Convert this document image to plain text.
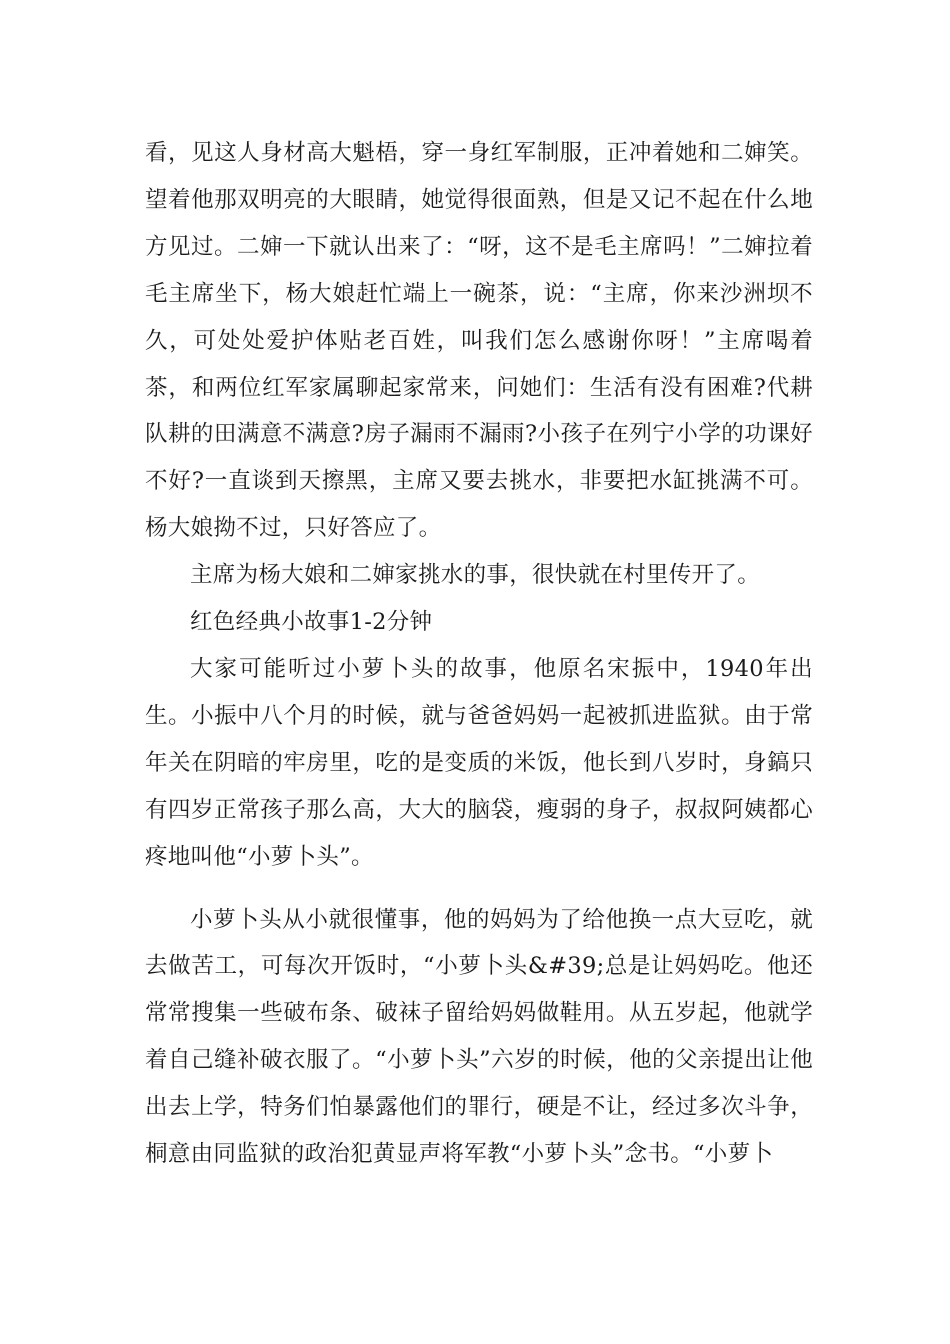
看，见这人身材高大魁梧，穿一身红军制服，正冲着她和二婶笑。望着他那双明亮的大眼睛，她觉得很面熟，但是又记不起在什么地方见过。二婶一下就认出来了：“呀，这不是毛主席吗！”二婶拉着毛主席坐下，杨大娘赶忙端上一碗茶，说：“主席，你来沙洲坝不久，可处处爱护体贴老百姓，叫我们怎么感谢你呀！”主席喝着茶，和两位红军家属聊起家常来，问她们：生活有没有困难?代耕队耕的田满意不满意?房子漏雨不漏雨?小孩子在列宁小学的功课好不好?一直谈到天擦黑，主席又要去挑水，非要把水缸挑满不可。杨大娘拗不过，只好答应了。

主席为杨大娘和二婶家挑水的事，很快就在村里传开了。

红色经典小故事1-2分钟

大家可能听过小萝卜头的故事，他原名宋振中，1940年出生。小振中八个月的时候，就与爸爸妈妈一起被抓进监狱。由于常年关在阴暗的牢房里，吃的是变质的米饭，他长到八岁时，身鎬只有四岁正常孩子那么高，大大的脑袋，瘦弱的身子，叔叔阿姨都心疼地叫他“小萝卜头”。

小萝卜头从小就很懂事，他的妈妈为了给他换一点大豆吃，就去做苦工，可每次开饭时，“小萝卜头&#39;总是让妈妈吃。他还常常搜集一些破布条、破袜子留给妈妈做鞋用。从五岁起，他就学着自己缝补破衣服了。“小萝卜头”六岁的时候，他的父亲提出让他出去上学，特务们怕暴露他们的罪行，硬是不让，经过多次斗争，桐意由同监狱的政治犯黄显声将军教“小萝卜头”念书。“小萝卜
